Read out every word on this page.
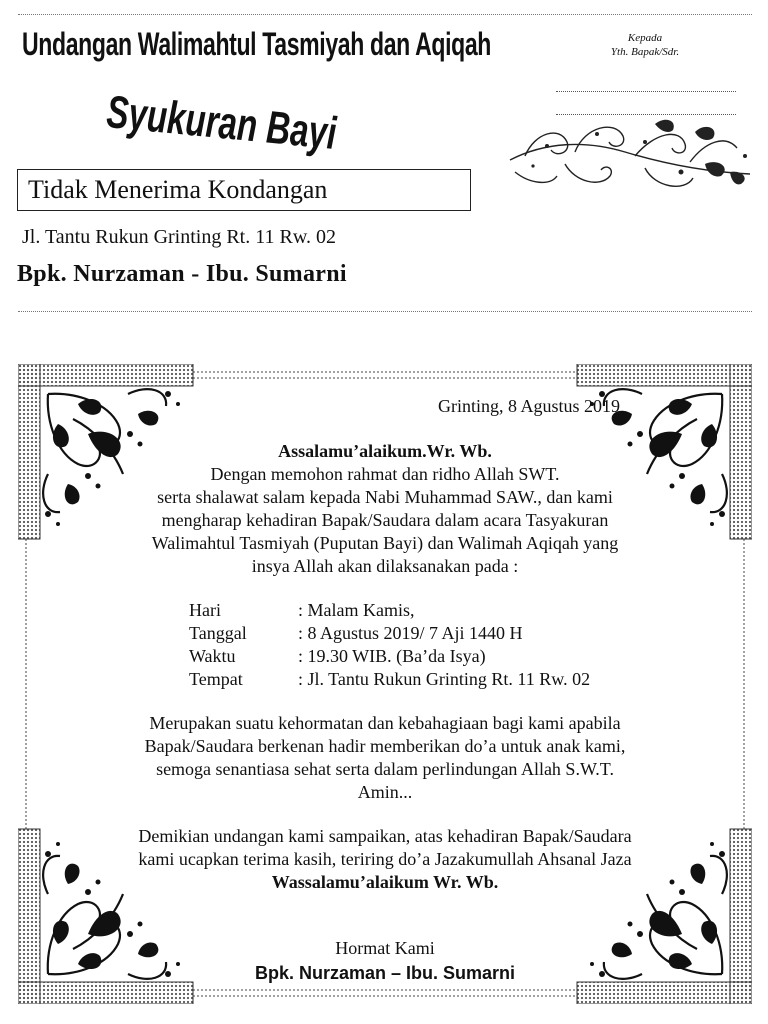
Undangan Walimahtul Tasmiyah dan Aqiqah
Syukuran Bayi
Kepada
Yth. Bapak/Sdr.
Tidak Menerima Kondangan
Jl. Tantu Rukun Grinting Rt. 11 Rw. 02
Bpk. Nurzaman - Ibu. Sumarni
Grinting, 8 Agustus 2019
Assalamu’alaikum.Wr. Wb.
Dengan memohon rahmat dan ridho Allah SWT.
serta shalawat salam kepada Nabi Muhammad SAW., dan kami
mengharap kehadiran Bapak/Saudara dalam acara Tasyakuran
Walimahtul Tasmiyah (Puputan Bayi) dan Walimah Aqiqah yang
insya Allah akan dilaksanakan pada :
Hari	: Malam Kamis,
Tanggal	: 8 Agustus 2019/ 7 Aji 1440 H
Waktu	: 19.30 WIB. (Ba’da Isya)
Tempat	: Jl. Tantu Rukun Grinting Rt. 11 Rw. 02
Merupakan suatu kehormatan dan kebahagiaan bagi kami apabila
Bapak/Saudara berkenan hadir memberikan do’a untuk anak kami,
semoga senantiasa sehat serta dalam perlindungan Allah S.W.T.
Amin...
Demikian undangan kami sampaikan, atas kehadiran Bapak/Saudara
kami ucapkan terima kasih, teriring do’a Jazakumullah Ahsanal Jaza
Wassalamu’alaikum Wr. Wb.
Hormat Kami
Bpk. Nurzaman – Ibu. Sumarni
